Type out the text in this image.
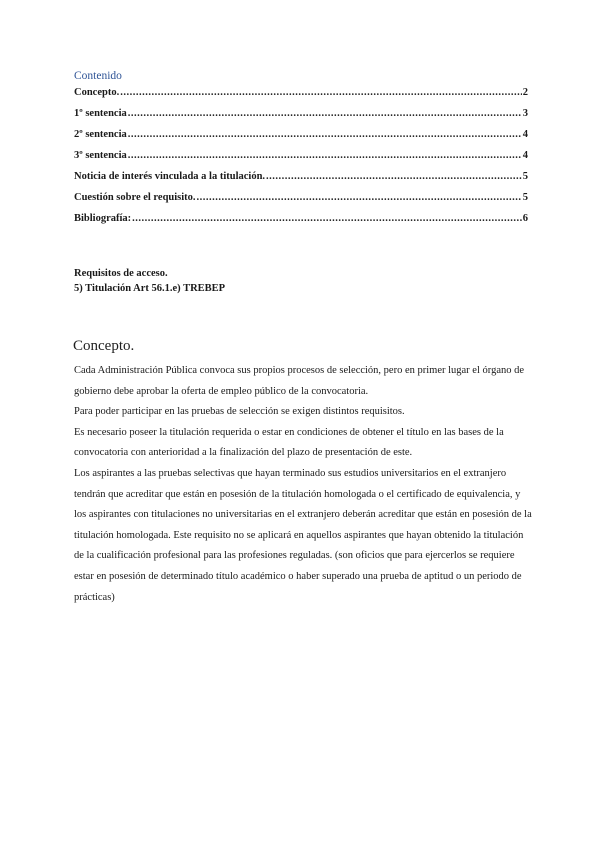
Contenido
Concepto. .....	2
1º sentencia .....	3
2º sentencia .....	4
3º sentencia .....	4
Noticia de interés vinculada a la titulación. .....	5
Cuestión sobre el requisito. .....	5
Bibliografía: .....	6
Requisitos de acceso.
5) Titulación Art 56.1.e) TREBEP
Concepto.

Cada Administración Pública convoca sus propios procesos de selección, pero en primer lugar el órgano de gobierno debe aprobar la oferta de empleo público de la convocatoria.

Para poder participar en las pruebas de selección se exigen distintos requisitos.

Es necesario poseer la titulación requerida o estar en condiciones de obtener el título en las bases de la convocatoria con anterioridad a la finalización del plazo de presentación de este.

Los aspirantes a las pruebas selectivas que hayan terminado sus estudios universitarios en el extranjero tendrán que acreditar que están en posesión de la titulación homologada o el certificado de equivalencia, y los aspirantes con titulaciones no universitarias en el extranjero deberán acreditar que están en posesión de la titulación homologada. Este requisito no se aplicará en aquellos aspirantes que hayan obtenido la titulación de la cualificación profesional para las profesiones reguladas. (son oficios que para ejercerlos se requiere estar en posesión de determinado título académico o haber superado una prueba de aptitud o un periodo de prácticas)
